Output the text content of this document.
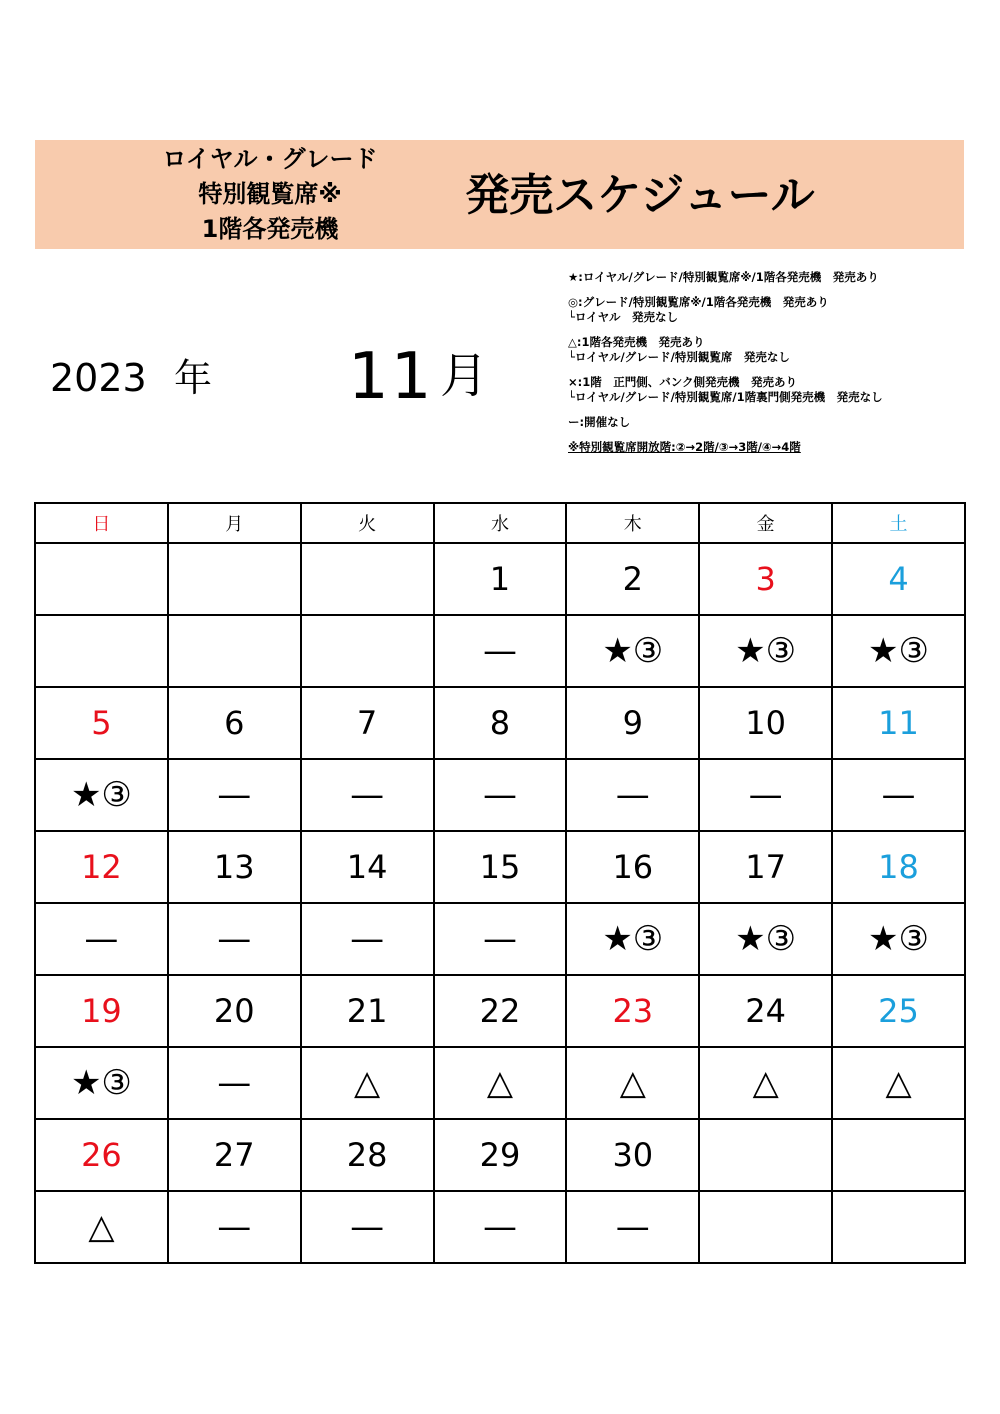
ロイヤル・グレード
特別観覧席※
1階各発売機
発売スケジュール
2023 年 11 月
★:ロイヤル/グレード/特別観覧席※/1階各発売機　発売あり
◎:グレード/特別観覧席※/1階各発売機　発売あり
└ロイヤル　発売なし
△:1階各発売機　発売あり
└ロイヤル/グレード/特別観覧席　発売なし
×:1階　正門側、バンク側発売機　発売あり
└ロイヤル/グレード/特別観覧席/1階裏門側発売機　発売なし
ー:開催なし
※特別観覧席開放階:②→2階/③→3階/④→4階
日	月	火	水	木	金	土
			1	2	3	4
			—	★③	★③	★③
5	6	7	8	9	10	11
★③	—	—	—	—	—	—
12	13	14	15	16	17	18
—	—	—	—	★③	★③	★③
19	20	21	22	23	24	25
★③	—	△	△	△	△	△
26	27	28	29	30		
△	—	—	—	—		
